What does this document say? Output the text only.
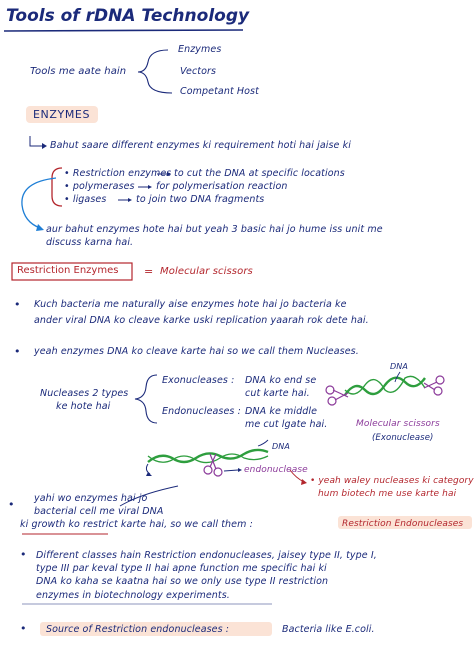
Tools of rDNA Technology
Tools me aate hain
Enzymes
Vectors
Competant Host
ENZYMES
Bahut saare different enzymes ki requirement hoti hai jaise ki
• Restriction enzymes to cut the DNA at specific locations
• polymerases for polymerisation reaction
• ligases	to join two DNA fragments
aur bahut enzymes hote hai but yeah 3 basic hai jo hume iss unit me
discuss karna hai.
Restriction Enzymes = Molecular scissors
• Kuch bacteria me naturally aise enzymes hote hai jo bacteria ke
ander viral DNA ko cleave karke uski replication yaarah rok dete hai.
• yeah enzymes DNA ko cleave karte hai so we call them Nucleases.
Nucleases 2 types
ke hote hai
Exonucleases : DNA ko end se
cut karte hai.
Endonucleases : DNA ke middle
me cut lgate hai.
DNA
Molecular scissors
(Exonuclease)
DNA
endonuclease
• yeah waley nucleases ki category
hum biotech me use karte hai
• yahi wo enzymes hai jo
bacterial cell me viral DNA
ki growth ko restrict karte hai, so we call them :	Restriction Endonucleases
• Different classes hain Restriction endonucleases, jaisey type II, type I,
type III par keval type II hai apne function me specific hai ki
DNA ko kaha se kaatna hai so we only use type II restriction
enzymes in biotechnology experiments.
• Source of Restriction endonucleases :	Bacteria like E.coli.
